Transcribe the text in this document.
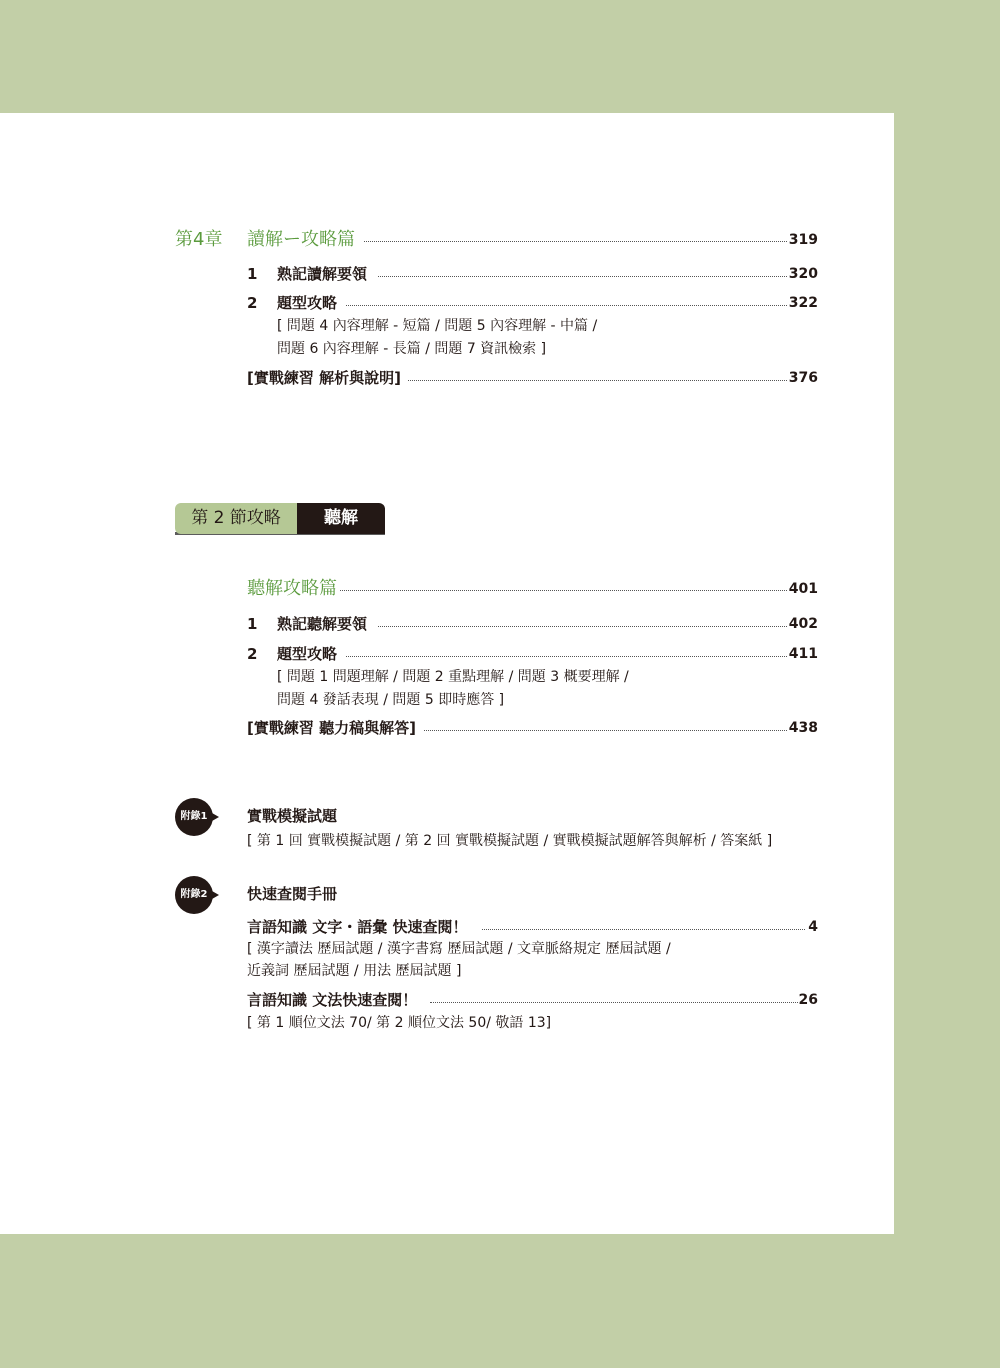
第4章 讀解ー攻略篇	319
1 熟記讀解要領	320
2 題型攻略	322
[ 問題 4 內容理解 - 短篇 / 問題 5 內容理解 - 中篇 /
問題 6 內容理解 - 長篇 / 問題 7 資訊檢索 ]
[實戰練習 解析與說明]	376
第 2 節攻略	聽解
聽解攻略篇	401
1 熟記聽解要領	402
2 題型攻略	411
[ 問題 1 問題理解 / 問題 2 重點理解 / 問題 3 概要理解 /
問題 4 發話表現 / 問題 5 即時應答 ]
[實戰練習 聽力稿與解答]	438
附錄1	實戰模擬試題
[ 第 1 回 實戰模擬試題 / 第 2 回 實戰模擬試題 / 實戰模擬試題解答與解析 / 答案紙 ]
附錄2	快速查閱手冊
言語知識 文字・語彙 快速查閱！	4
[ 漢字讀法 歷屆試題 / 漢字書寫 歷屆試題 / 文章脈絡規定 歷屆試題 /
近義詞 歷屆試題 / 用法 歷屆試題 ]
言語知識 文法快速查閱！	26
[ 第 1 順位文法 70/ 第 2 順位文法 50/ 敬語 13]
